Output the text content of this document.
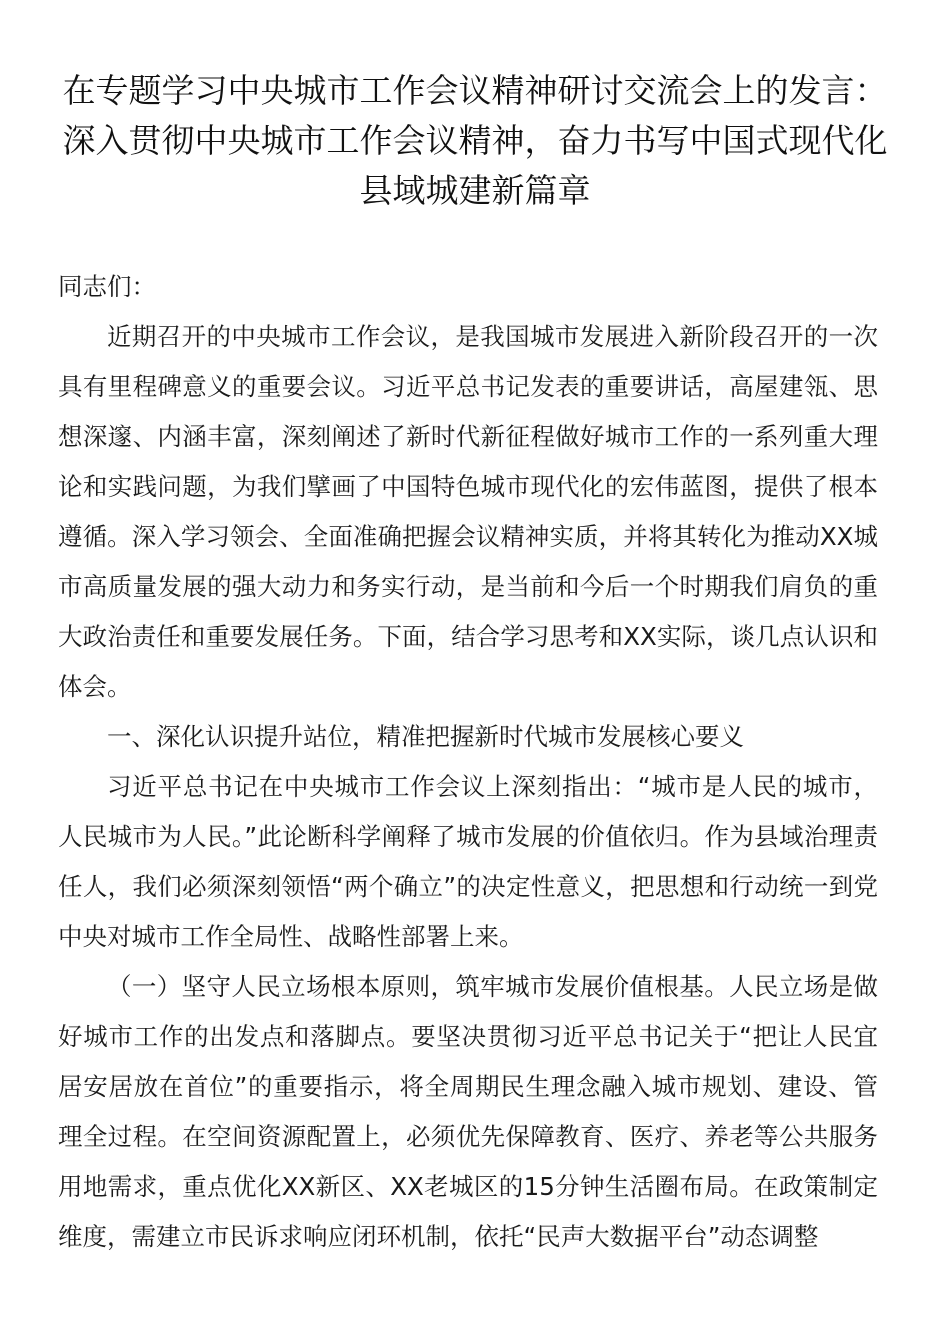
在专题学习中央城市工作会议精神研讨交流会上的发言：深入贯彻中央城市工作会议精神，奋力书写中国式现代化县域城建新篇章

同志们：

近期召开的中央城市工作会议，是我国城市发展进入新阶段召开的一次具有里程碑意义的重要会议。习近平总书记发表的重要讲话，高屋建瓴、思想深邃、内涵丰富，深刻阐述了新时代新征程做好城市工作的一系列重大理论和实践问题，为我们擘画了中国特色城市现代化的宏伟蓝图，提供了根本遵循。深入学习领会、全面准确把握会议精神实质，并将其转化为推动XX城市高质量发展的强大动力和务实行动，是当前和今后一个时期我们肩负的重大政治责任和重要发展任务。下面，结合学习思考和XX实际，谈几点认识和体会。

一、深化认识提升站位，精准把握新时代城市发展核心要义

习近平总书记在中央城市工作会议上深刻指出：“城市是人民的城市，人民城市为人民。”此论断科学阐释了城市发展的价值依归。作为县域治理责任人，我们必须深刻领悟“两个确立”的决定性意义，把思想和行动统一到党中央对城市工作全局性、战略性部署上来。

（一）坚守人民立场根本原则，筑牢城市发展价值根基。人民立场是做好城市工作的出发点和落脚点。要坚决贯彻习近平总书记关于“把让人民宜居安居放在首位”的重要指示，将全周期民生理念融入城市规划、建设、管理全过程。在空间资源配置上，必须优先保障教育、医疗、养老等公共服务用地需求，重点优化XX新区、XX老城区的15分钟生活圈布局。在政策制定维度，需建立市民诉求响应闭环机制，依托“民声大数据平台”动态调整
